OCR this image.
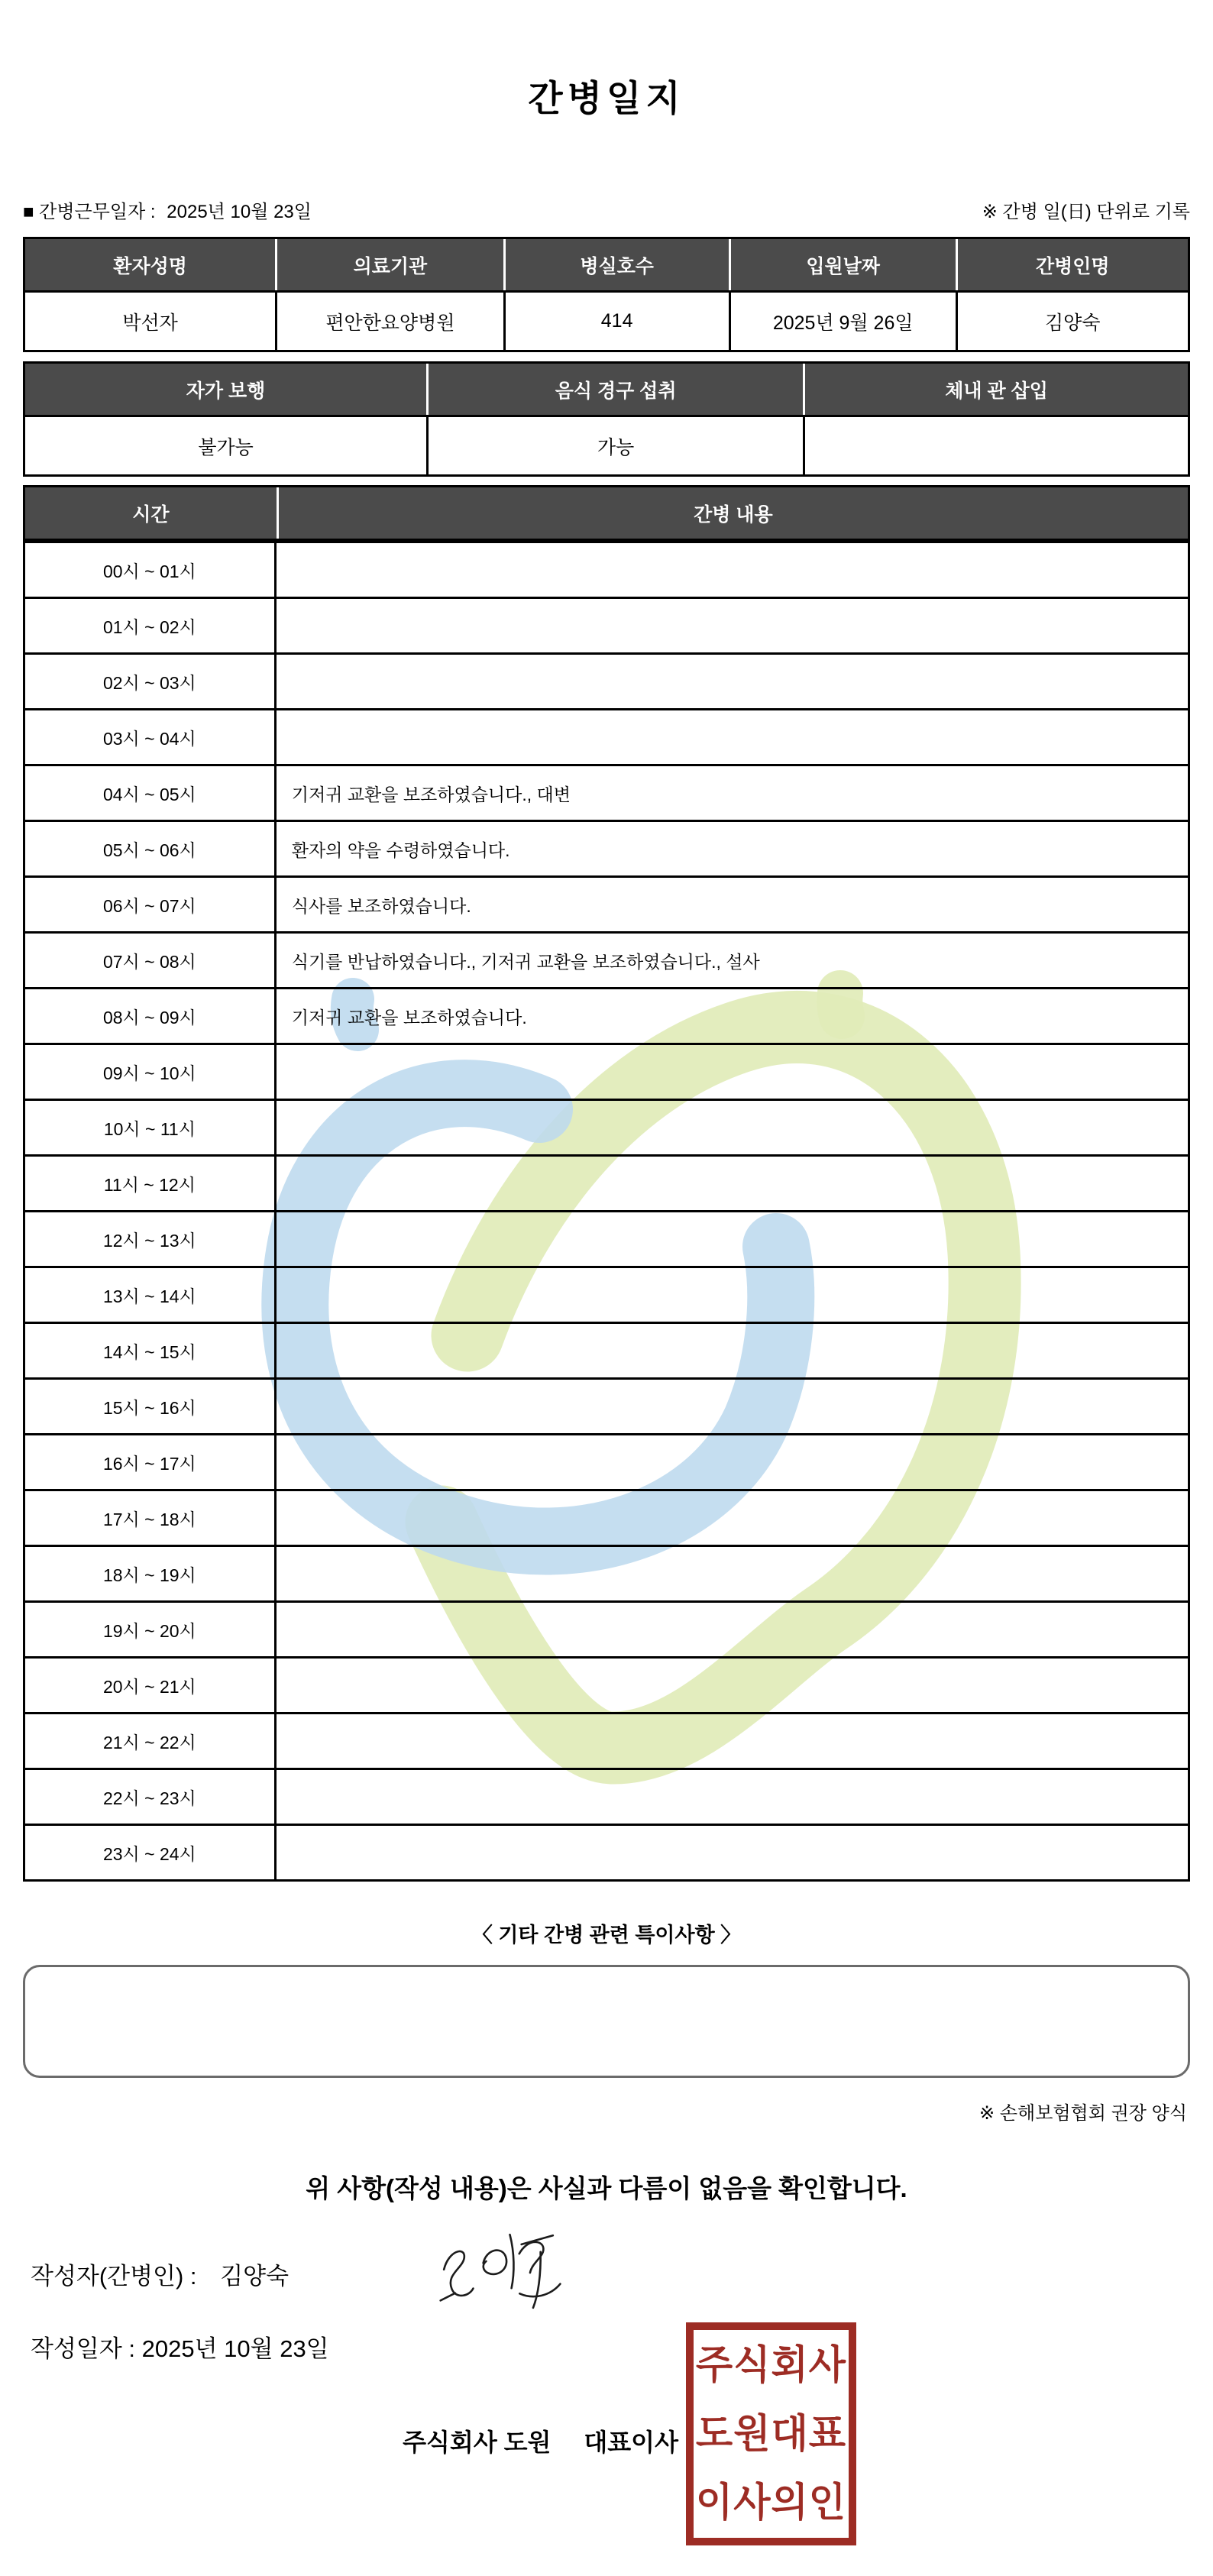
간병일지
■ 간병근무일자 : 2025년 10월 23일	※ 간병 일(日) 단위로 기록
환자성명	의료기관	병실호수	입원날짜	간병인명
박선자	편안한요양병원	414	2025년 9월 26일	김양숙
자가 보행	음식 경구 섭취	체내 관 삽입
불가능	가능
시간	간병 내용
00시 ~ 01시
01시 ~ 02시
02시 ~ 03시
03시 ~ 04시
04시 ~ 05시	기저귀 교환을 보조하였습니다., 대변
05시 ~ 06시	환자의 약을 수령하였습니다.
06시 ~ 07시	식사를 보조하였습니다.
07시 ~ 08시	식기를 반납하였습니다., 기저귀 교환을 보조하였습니다., 설사
08시 ~ 09시	기저귀 교환을 보조하였습니다.
09시 ~ 10시
10시 ~ 11시
11시 ~ 12시
12시 ~ 13시
13시 ~ 14시
14시 ~ 15시
15시 ~ 16시
16시 ~ 17시
17시 ~ 18시
18시 ~ 19시
19시 ~ 20시
20시 ~ 21시
21시 ~ 22시
22시 ~ 23시
23시 ~ 24시
〈 기타 간병 관련 특이사항 〉
※ 손해보험협회 권장 양식
위 사항(작성 내용)은 사실과 다름이 없음을 확인합니다.
작성자(간병인) : 김양숙
작성일자 : 2025년 10월 23일
주식회사 도원 대표이사
주식회사
도원대표
이사의인
